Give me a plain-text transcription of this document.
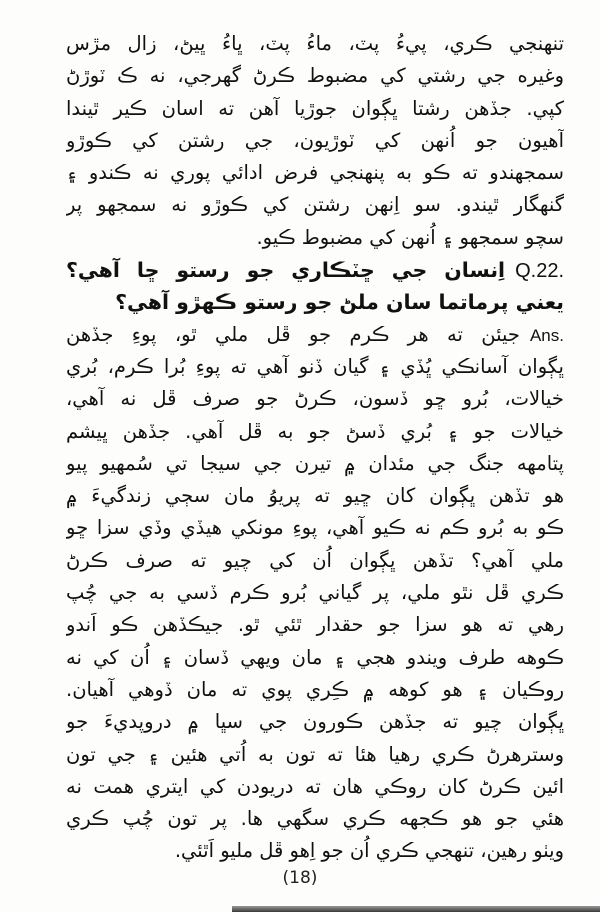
تنهنجي ڪري، پيءُ پٽ، ماءُ پٽ، ڀاءُ ڀيڻ، زال مڙس
وغيره جي رشتي کي مضبوط ڪرڻ گهرجي، نه ڪ ٽوڙڻ
کپي. جڏهن رشتا ڀڳوان جوڙيا آهن ته اسان ڪير ٿيندا
آهيون جو اُنهن کي ٽوڙيون، جي رشتن کي ڪوڙو
سمجهندو ته ڪو به پنهنجي فرض ادائي پوري نه ڪندو ۽
گنهگار ٿيندو. سو اِنهن رشتن کي ڪوڙو نه سمجهو پر
سچو سمجهو ۽ اُنهن کي مضبوط ڪيو.
Q.22.اِنسان جي ڇٽڪاري جو رستو ڇا آهي؟
يعني پرماتما سان ملڻ جو رستو ڪهڙو آهي؟
Ans.جيئن ته هر ڪرم جو ڦل ملي ٿو، پوءِ جڏهن
ڀڳوان آسانڪي ڀُڏي ۽ گيان ڏنو آهي ته پوءِ بُرا ڪرم، بُري
خيالات، بُرو ڇو ڏسون، ڪرڻ جو صرف ڦل نه آهي،
خيالات جو ۽ بُري ڏسڻ جو به ڦل آهي. جڏهن ڀيشم
پتامهه جنگ جي مئدان ۾ تيرن جي سيجا تي سُمهيو پيو
هو تڏهن ڀڳوان کان ڇيو ته پريوُ مان سڄي زندگيءَ ۾
ڪو به بُرو ڪم نه ڪيو آهي، پوءِ مونکي هيڏي وڏي سزا ڇو
ملي آهي؟ تڏهن ڀڳوان اُن کي چيو ته صرف ڪرڻ
ڪري ڦل نٿو ملي، پر گياني بُرو ڪرم ڏسي به جي چُپ
رهي ته هو سزا جو حقدار ٿئي ٿو. جيڪڏهن ڪو اَندو
ڪوهه طرف ويندو هجي ۽ مان ويهي ڏسان ۽ اُن کي نه
روڪيان ۽ هو کوهه ۾ ڪِري پوي ته مان ڏوهي آهيان.
ڀڳوان چيو ته جڏهن ڪورون جي سڀا ۾ دروپديءَ جو
وسترهرڻ ڪري رهيا هئا ته تون به اُتي هئين ۽ جي تون
ائين ڪرڻ کان روڪي هان ته دريودن کي ايتري همت نه
هئي جو هو ڪجهه ڪري سگهي ها. پر تون چُپ ڪري
ويٺو رهين، تنهجي ڪري اُن جو اِهو ڦل مليو اَٿئي.
(18)
